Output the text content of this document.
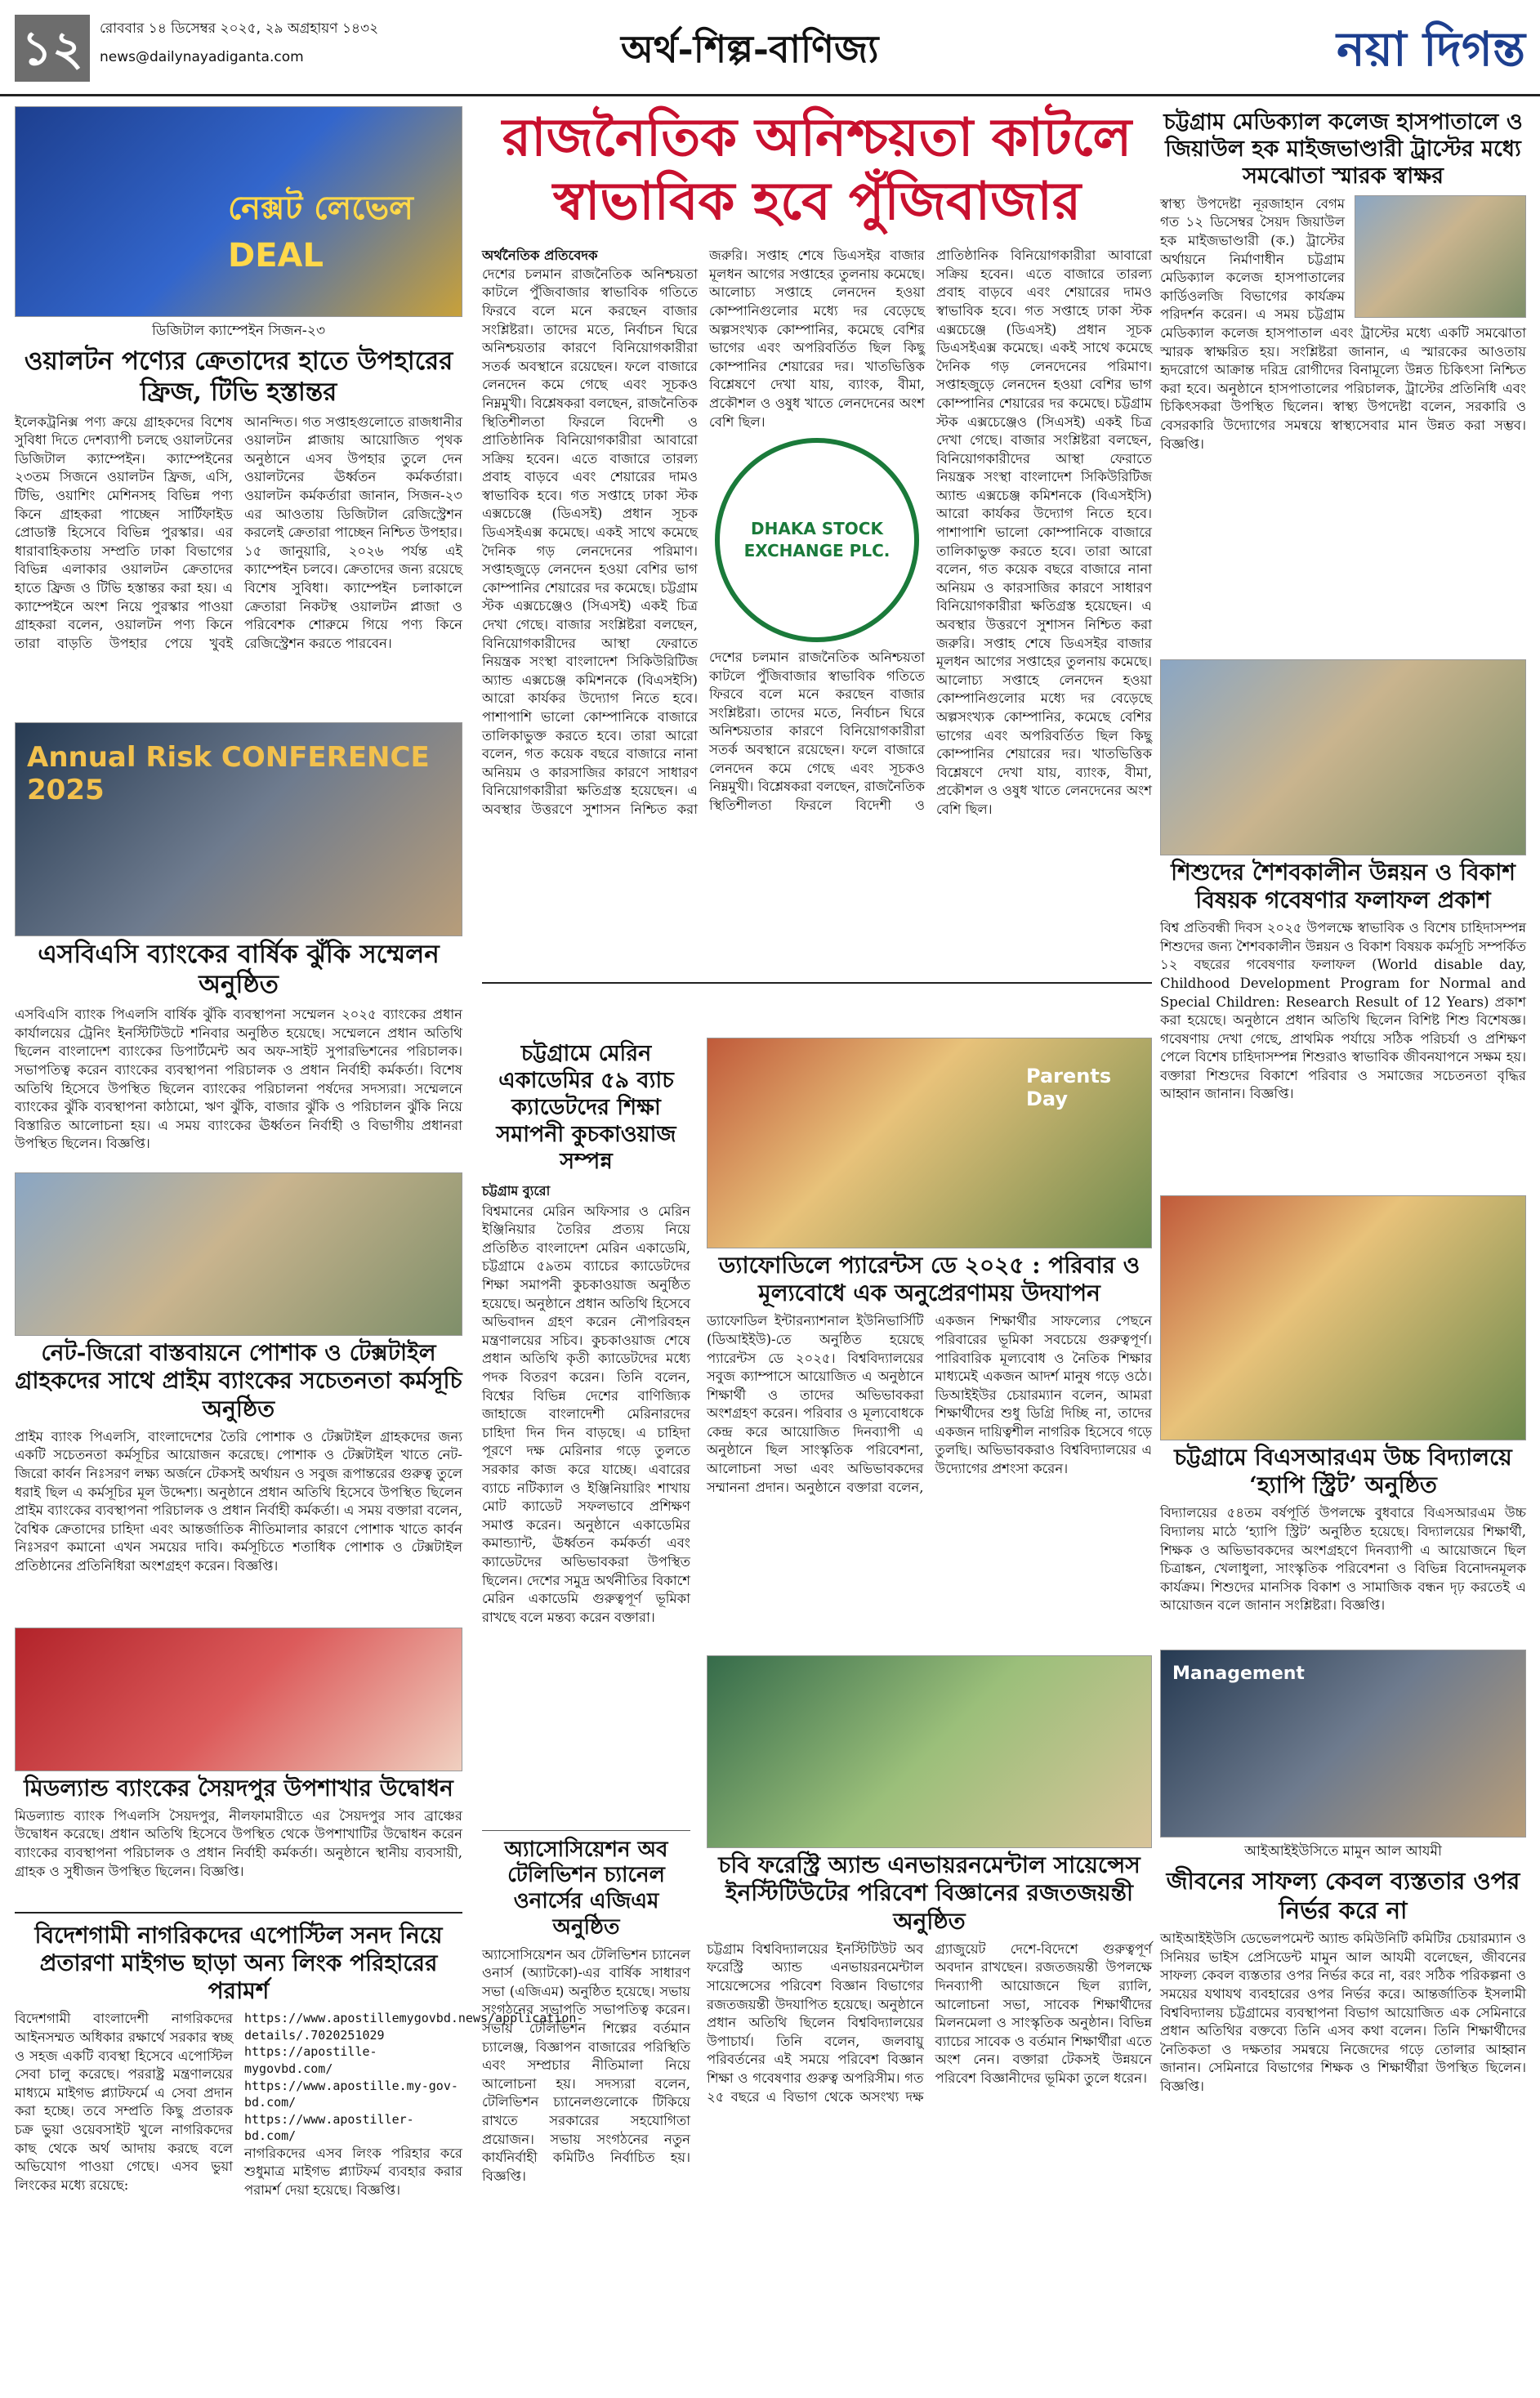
১২	রোববার ১৪ ডিসেম্বর ২০২৫, ২৯ অগ্রহায়ণ ১৪৩২
news@dailynayadiganta.com	অর্থ-শিল্প-বাণিজ্য	নয়া দিগন্ত
নেক্সট লেভেল DEAL
ডিজিটাল ক্যাম্পেইন সিজন-২৩
ওয়ালটন পণ্যের ক্রেতাদের হাতে উপহারের ফ্রিজ, টিভি হস্তান্তর
ইলেকট্রনিক্স পণ্য ক্রয়ে গ্রাহকদের বিশেষ সুবিধা দিতে দেশব্যাপী চলছে ওয়ালটনের ডিজিটাল ক্যাম্পেইন। ক্যাম্পেইনের ২৩তম সিজনে ওয়ালটন ফ্রিজ, এসি, টিভি, ওয়াশিং মেশিনসহ বিভিন্ন পণ্য কিনে গ্রাহকরা পাচ্ছেন সার্টিফাইড প্রোডাক্ট হিসেবে বিভিন্ন পুরস্কার। এর ধারাবাহিকতায় সম্প্রতি ঢাকা বিভাগের বিভিন্ন এলাকার ওয়ালটন ক্রেতাদের হাতে ফ্রিজ ও টিভি হস্তান্তর করা হয়। এ ক্যাম্পেইনে অংশ নিয়ে পুরস্কার পাওয়া গ্রাহকরা বলেন, ওয়ালটন পণ্য কিনে তারা বাড়তি উপহার পেয়ে খুবই আনন্দিত। গত সপ্তাহগুলোতে রাজধানীর ওয়ালটন প্লাজায় আয়োজিত পৃথক অনুষ্ঠানে এসব উপহার তুলে দেন ওয়ালটনের ঊর্ধ্বতন কর্মকর্তারা। ওয়ালটন কর্মকর্তারা জানান, সিজন-২৩ এর আওতায় ডিজিটাল রেজিস্ট্রেশন করলেই ক্রেতারা পাচ্ছেন নিশ্চিত উপহার। ১৫ জানুয়ারি, ২০২৬ পর্যন্ত এই ক্যাম্পেইন চলবে। ক্রেতাদের জন্য রয়েছে বিশেষ সুবিধা। ক্যাম্পেইন চলাকালে ক্রেতারা নিকটস্থ ওয়ালটন প্লাজা ও পরিবেশক শোরুমে গিয়ে পণ্য কিনে রেজিস্ট্রেশন করতে পারবেন।
Annual Risk CONFERENCE 2025
এসবিএসি ব্যাংকের বার্ষিক ঝুঁকি সম্মেলন অনুষ্ঠিত
এসবিএসি ব্যাংক পিএলসি বার্ষিক ঝুঁকি ব্যবস্থাপনা সম্মেলন ২০২৫ ব্যাংকের প্রধান কার্যালয়ের ট্রেনিং ইনস্টিটিউটে শনিবার অনুষ্ঠিত হয়েছে। সম্মেলনে প্রধান অতিথি ছিলেন বাংলাদেশ ব্যাংকের ডিপার্টমেন্ট অব অফ-সাইট সুপারভিশনের পরিচালক। সভাপতিত্ব করেন ব্যাংকের ব্যবস্থাপনা পরিচালক ও প্রধান নির্বাহী কর্মকর্তা। বিশেষ অতিথি হিসেবে উপস্থিত ছিলেন ব্যাংকের পরিচালনা পর্ষদের সদস্যরা। সম্মেলনে ব্যাংকের ঝুঁকি ব্যবস্থাপনা কাঠামো, ঋণ ঝুঁকি, বাজার ঝুঁকি ও পরিচালন ঝুঁকি নিয়ে বিস্তারিত আলোচনা হয়। এ সময় ব্যাংকের ঊর্ধ্বতন নির্বাহী ও বিভাগীয় প্রধানরা উপস্থিত ছিলেন। বিজ্ঞপ্তি।
নেট-জিরো বাস্তবায়নে পোশাক ও টেক্সটাইল গ্রাহকদের সাথে প্রাইম ব্যাংকের সচেতনতা কর্মসূচি অনুষ্ঠিত
প্রাইম ব্যাংক পিএলসি, বাংলাদেশের তৈরি পোশাক ও টেক্সটাইল গ্রাহকদের জন্য একটি সচেতনতা কর্মসূচির আয়োজন করেছে। পোশাক ও টেক্সটাইল খাতে নেট-জিরো কার্বন নিঃসরণ লক্ষ্য অর্জনে টেকসই অর্থায়ন ও সবুজ রূপান্তরের গুরুত্ব তুলে ধরাই ছিল এ কর্মসূচির মূল উদ্দেশ্য। অনুষ্ঠানে প্রধান অতিথি হিসেবে উপস্থিত ছিলেন প্রাইম ব্যাংকের ব্যবস্থাপনা পরিচালক ও প্রধান নির্বাহী কর্মকর্তা। এ সময় বক্তারা বলেন, বৈশ্বিক ক্রেতাদের চাহিদা এবং আন্তর্জাতিক নীতিমালার কারণে পোশাক খাতে কার্বন নিঃসরণ কমানো এখন সময়ের দাবি। কর্মসূচিতে শতাধিক পোশাক ও টেক্সটাইল প্রতিষ্ঠানের প্রতিনিধিরা অংশগ্রহণ করেন। বিজ্ঞপ্তি।
মিডল্যান্ড ব্যাংকের সৈয়দপুর উপশাখার উদ্বোধন
মিডল্যান্ড ব্যাংক পিএলসি সৈয়দপুর, নীলফামারীতে এর সৈয়দপুর সাব ব্রাঞ্চের উদ্বোধন করেছে। প্রধান অতিথি হিসেবে উপস্থিত থেকে উপশাখাটির উদ্বোধন করেন ব্যাংকের ব্যবস্থাপনা পরিচালক ও প্রধান নির্বাহী কর্মকর্তা। অনুষ্ঠানে স্থানীয় ব্যবসায়ী, গ্রাহক ও সুধীজন উপস্থিত ছিলেন। বিজ্ঞপ্তি।
বিদেশগামী নাগরিকদের এপোস্টিল সনদ নিয়ে প্রতারণা মাইগভ ছাড়া অন্য লিংক পরিহারের পরামর্শ
বিদেশগামী বাংলাদেশী নাগরিকদের আইনসম্মত অধিকার রক্ষার্থে সরকার স্বচ্ছ ও সহজ একটি ব্যবস্থা হিসেবে এপোস্টিল সেবা চালু করেছে। পররাষ্ট্র মন্ত্রণালয়ের মাধ্যমে মাইগভ প্ল্যাটফর্মে এ সেবা প্রদান করা হচ্ছে। তবে সম্প্রতি কিছু প্রতারক চক্র ভুয়া ওয়েবসাইট খুলে নাগরিকদের কাছ থেকে অর্থ আদায় করছে বলে অভিযোগ পাওয়া গেছে। এসব ভুয়া লিংকের মধ্যে রয়েছে:
https://www.apostillemygovbd.news/application-details/.7020251029
https://apostille-mygovbd.com/
https://www.apostille.my-gov-bd.com/
https://www.apostiller-bd.com/
নাগরিকদের এসব লিংক পরিহার করে শুধুমাত্র মাইগভ প্ল্যাটফর্ম ব্যবহার করার পরামর্শ দেয়া হয়েছে। বিজ্ঞপ্তি।
রাজনৈতিক অনিশ্চয়তা কাটলে
স্বাভাবিক হবে পুঁজিবাজার
অর্থনৈতিক প্রতিবেদক
দেশের চলমান রাজনৈতিক অনিশ্চয়তা কাটলে পুঁজিবাজার স্বাভাবিক গতিতে ফিরবে বলে মনে করছেন বাজার সংশ্লিষ্টরা। তাদের মতে, নির্বাচন ঘিরে অনিশ্চয়তার কারণে বিনিয়োগকারীরা সতর্ক অবস্থানে রয়েছেন। ফলে বাজারে লেনদেন কমে গেছে এবং সূচকও নিম্নমুখী। বিশ্লেষকরা বলছেন, রাজনৈতিক স্থিতিশীলতা ফিরলে বিদেশী ও প্রাতিষ্ঠানিক বিনিয়োগকারীরা আবারো সক্রিয় হবেন। এতে বাজারে তারল্য প্রবাহ বাড়বে এবং শেয়ারের দামও স্বাভাবিক হবে। গত সপ্তাহে ঢাকা স্টক এক্সচেঞ্জে (ডিএসই) প্রধান সূচক ডিএসইএক্স কমেছে। একই সাথে কমেছে দৈনিক গড় লেনদেনের পরিমাণ। সপ্তাহজুড়ে লেনদেন হওয়া বেশির ভাগ কোম্পানির শেয়ারের দর কমেছে। চট্টগ্রাম স্টক এক্সচেঞ্জেও (সিএসই) একই চিত্র দেখা গেছে। বাজার সংশ্লিষ্টরা বলছেন, বিনিয়োগকারীদের আস্থা ফেরাতে নিয়ন্ত্রক সংস্থা বাংলাদেশ সিকিউরিটিজ অ্যান্ড এক্সচেঞ্জ কমিশনকে (বিএসইসি) আরো কার্যকর উদ্যোগ নিতে হবে। পাশাপাশি ভালো কোম্পানিকে বাজারে তালিকাভুক্ত করতে হবে। তারা আরো বলেন, গত কয়েক বছরে বাজারে নানা অনিয়ম ও কারসাজির কারণে সাধারণ বিনিয়োগকারীরা ক্ষতিগ্রস্ত হয়েছেন। এ অবস্থার উত্তরণে সুশাসন নিশ্চিত করা জরুরি। সপ্তাহ শেষে ডিএসইর বাজার মূলধন আগের সপ্তাহের তুলনায় কমেছে। আলোচ্য সপ্তাহে লেনদেন হওয়া কোম্পানিগুলোর মধ্যে দর বেড়েছে অল্পসংখ্যক কোম্পানির, কমেছে বেশির ভাগের এবং অপরিবর্তিত ছিল কিছু কোম্পানির শেয়ারের দর। খাতভিত্তিক বিশ্লেষণে দেখা যায়, ব্যাংক, বীমা, প্রকৌশল ও ওষুধ খাতে লেনদেনের অংশ বেশি ছিল।
DHAKA STOCK EXCHANGE PLC.
দেশের চলমান রাজনৈতিক অনিশ্চয়তা কাটলে পুঁজিবাজার স্বাভাবিক গতিতে ফিরবে বলে মনে করছেন বাজার সংশ্লিষ্টরা। তাদের মতে, নির্বাচন ঘিরে অনিশ্চয়তার কারণে বিনিয়োগকারীরা সতর্ক অবস্থানে রয়েছেন। ফলে বাজারে লেনদেন কমে গেছে এবং সূচকও নিম্নমুখী। বিশ্লেষকরা বলছেন, রাজনৈতিক স্থিতিশীলতা ফিরলে বিদেশী ও প্রাতিষ্ঠানিক বিনিয়োগকারীরা আবারো সক্রিয় হবেন। এতে বাজারে তারল্য প্রবাহ বাড়বে এবং শেয়ারের দামও স্বাভাবিক হবে। গত সপ্তাহে ঢাকা স্টক এক্সচেঞ্জে (ডিএসই) প্রধান সূচক ডিএসইএক্স কমেছে। একই সাথে কমেছে দৈনিক গড় লেনদেনের পরিমাণ। সপ্তাহজুড়ে লেনদেন হওয়া বেশির ভাগ কোম্পানির শেয়ারের দর কমেছে। চট্টগ্রাম স্টক এক্সচেঞ্জেও (সিএসই) একই চিত্র দেখা গেছে। বাজার সংশ্লিষ্টরা বলছেন, বিনিয়োগকারীদের আস্থা ফেরাতে নিয়ন্ত্রক সংস্থা বাংলাদেশ সিকিউরিটিজ অ্যান্ড এক্সচেঞ্জ কমিশনকে (বিএসইসি) আরো কার্যকর উদ্যোগ নিতে হবে। পাশাপাশি ভালো কোম্পানিকে বাজারে তালিকাভুক্ত করতে হবে। তারা আরো বলেন, গত কয়েক বছরে বাজারে নানা অনিয়ম ও কারসাজির কারণে সাধারণ বিনিয়োগকারীরা ক্ষতিগ্রস্ত হয়েছেন। এ অবস্থার উত্তরণে সুশাসন নিশ্চিত করা জরুরি। সপ্তাহ শেষে ডিএসইর বাজার মূলধন আগের সপ্তাহের তুলনায় কমেছে। আলোচ্য সপ্তাহে লেনদেন হওয়া কোম্পানিগুলোর মধ্যে দর বেড়েছে অল্পসংখ্যক কোম্পানির, কমেছে বেশির ভাগের এবং অপরিবর্তিত ছিল কিছু কোম্পানির শেয়ারের দর। খাতভিত্তিক বিশ্লেষণে দেখা যায়, ব্যাংক, বীমা, প্রকৌশল ও ওষুধ খাতে লেনদেনের অংশ বেশি ছিল।
চট্টগ্রামে মেরিন একাডেমির ৫৯ ব্যাচ ক্যাডেটদের শিক্ষা সমাপনী কুচকাওয়াজ সম্পন্ন
চট্টগ্রাম ব্যুরো
বিশ্বমানের মেরিন অফিসার ও মেরিন ইঞ্জিনিয়ার তৈরির প্রত্যয় নিয়ে প্রতিষ্ঠিত বাংলাদেশ মেরিন একাডেমি, চট্টগ্রামে ৫৯তম ব্যাচের ক্যাডেটদের শিক্ষা সমাপনী কুচকাওয়াজ অনুষ্ঠিত হয়েছে। অনুষ্ঠানে প্রধান অতিথি হিসেবে অভিবাদন গ্রহণ করেন নৌপরিবহন মন্ত্রণালয়ের সচিব। কুচকাওয়াজ শেষে প্রধান অতিথি কৃতী ক্যাডেটদের মধ্যে পদক বিতরণ করেন। তিনি বলেন, বিশ্বের বিভিন্ন দেশের বাণিজ্যিক জাহাজে বাংলাদেশী মেরিনারদের চাহিদা দিন দিন বাড়ছে। এ চাহিদা পূরণে দক্ষ মেরিনার গড়ে তুলতে সরকার কাজ করে যাচ্ছে। এবারের ব্যাচে নটিক্যাল ও ইঞ্জিনিয়ারিং শাখায় মোট ক্যাডেট সফলভাবে প্রশিক্ষণ সমাপ্ত করেন। অনুষ্ঠানে একাডেমির কমান্ড্যান্ট, ঊর্ধ্বতন কর্মকর্তা এবং ক্যাডেটদের অভিভাবকরা উপস্থিত ছিলেন। দেশের সমুদ্র অর্থনীতির বিকাশে মেরিন একাডেমি গুরুত্বপূর্ণ ভূমিকা রাখছে বলে মন্তব্য করেন বক্তারা।
অ্যাসোসিয়েশন অব টেলিভিশন চ্যানেল ওনার্সের এজিএম অনুষ্ঠিত
অ্যাসোসিয়েশন অব টেলিভিশন চ্যানেল ওনার্স (অ্যাটকো)-এর বার্ষিক সাধারণ সভা (এজিএম) অনুষ্ঠিত হয়েছে। সভায় সংগঠনের সভাপতি সভাপতিত্ব করেন। সভায় টেলিভিশন শিল্পের বর্তমান চ্যালেঞ্জ, বিজ্ঞাপন বাজারের পরিস্থিতি এবং সম্প্রচার নীতিমালা নিয়ে আলোচনা হয়। সদস্যরা বলেন, টেলিভিশন চ্যানেলগুলোকে টিকিয়ে রাখতে সরকারের সহযোগিতা প্রয়োজন। সভায় সংগঠনের নতুন কার্যনির্বাহী কমিটিও নির্বাচিত হয়। বিজ্ঞপ্তি।
Parents Day
ড্যাফোডিলে প্যারেন্টস ডে ২০২৫ : পরিবার ও মূল্যবোধে এক অনুপ্রেরণাময় উদযাপন
ড্যাফোডিল ইন্টারন্যাশনাল ইউনিভার্সিটি (ডিআইইউ)-তে অনুষ্ঠিত হয়েছে প্যারেন্টস ডে ২০২৫। বিশ্ববিদ্যালয়ের সবুজ ক্যাম্পাসে আয়োজিত এ অনুষ্ঠানে শিক্ষার্থী ও তাদের অভিভাবকরা অংশগ্রহণ করেন। পরিবার ও মূল্যবোধকে কেন্দ্র করে আয়োজিত দিনব্যাপী এ অনুষ্ঠানে ছিল সাংস্কৃতিক পরিবেশনা, আলোচনা সভা এবং অভিভাবকদের সম্মাননা প্রদান। অনুষ্ঠানে বক্তারা বলেন, একজন শিক্ষার্থীর সাফল্যের পেছনে পরিবারের ভূমিকা সবচেয়ে গুরুত্বপূর্ণ। পারিবারিক মূল্যবোধ ও নৈতিক শিক্ষার মাধ্যমেই একজন আদর্শ মানুষ গড়ে ওঠে। ডিআইইউর চেয়ারম্যান বলেন, আমরা শিক্ষার্থীদের শুধু ডিগ্রি দিচ্ছি না, তাদের একজন দায়িত্বশীল নাগরিক হিসেবে গড়ে তুলছি। অভিভাবকরাও বিশ্ববিদ্যালয়ের এ উদ্যোগের প্রশংসা করেন।
চবি ফরেস্ট্রি অ্যান্ড এনভায়রনমেন্টাল সায়েন্সেস ইনস্টিটিউটের পরিবেশ বিজ্ঞানের রজতজয়ন্তী অনুষ্ঠিত
চট্টগ্রাম বিশ্ববিদ্যালয়ের ইনস্টিটিউট অব ফরেস্ট্রি অ্যান্ড এনভায়রনমেন্টাল সায়েন্সেসের পরিবেশ বিজ্ঞান বিভাগের রজতজয়ন্তী উদযাপিত হয়েছে। অনুষ্ঠানে প্রধান অতিথি ছিলেন বিশ্ববিদ্যালয়ের উপাচার্য। তিনি বলেন, জলবায়ু পরিবর্তনের এই সময়ে পরিবেশ বিজ্ঞান শিক্ষা ও গবেষণার গুরুত্ব অপরিসীম। গত ২৫ বছরে এ বিভাগ থেকে অসংখ্য দক্ষ গ্র্যাজুয়েট দেশে-বিদেশে গুরুত্বপূর্ণ অবদান রাখছেন। রজতজয়ন্তী উপলক্ষে দিনব্যাপী আয়োজনে ছিল র‌্যালি, আলোচনা সভা, সাবেক শিক্ষার্থীদের মিলনমেলা ও সাংস্কৃতিক অনুষ্ঠান। বিভিন্ন ব্যাচের সাবেক ও বর্তমান শিক্ষার্থীরা এতে অংশ নেন। বক্তারা টেকসই উন্নয়নে পরিবেশ বিজ্ঞানীদের ভূমিকা তুলে ধরেন।
চট্টগ্রাম মেডিক্যাল কলেজ হাসপাতালে ও জিয়াউল হক মাইজভাণ্ডারী ট্রাস্টের মধ্যে সমঝোতা স্মারক স্বাক্ষর
স্বাস্থ্য উপদেষ্টা নূরজাহান বেগম গত ১২ ডিসেম্বর সৈয়দ জিয়াউল হক মাইজভাণ্ডারী (ক.) ট্রাস্টের অর্থায়নে নির্মাণাধীন চট্টগ্রাম মেডিক্যাল কলেজ হাসপাতালের কার্ডিওলজি বিভাগের কার্যক্রম পরিদর্শন করেন। এ সময় চট্টগ্রাম মেডিক্যাল কলেজ হাসপাতাল এবং ট্রাস্টের মধ্যে একটি সমঝোতা স্মারক স্বাক্ষরিত হয়। সংশ্লিষ্টরা জানান, এ স্মারকের আওতায় হৃদরোগে আক্রান্ত দরিদ্র রোগীদের বিনামূল্যে উন্নত চিকিৎসা নিশ্চিত করা হবে। অনুষ্ঠানে হাসপাতালের পরিচালক, ট্রাস্টের প্রতিনিধি এবং চিকিৎসকরা উপস্থিত ছিলেন। স্বাস্থ্য উপদেষ্টা বলেন, সরকারি ও বেসরকারি উদ্যোগের সমন্বয়ে স্বাস্থ্যসেবার মান উন্নত করা সম্ভব। বিজ্ঞপ্তি।
শিশুদের শৈশবকালীন উন্নয়ন ও বিকাশ বিষয়ক গবেষণার ফলাফল প্রকাশ
বিশ্ব প্রতিবন্ধী দিবস ২০২৫ উপলক্ষে স্বাভাবিক ও বিশেষ চাহিদাসম্পন্ন শিশুদের জন্য শৈশবকালীন উন্নয়ন ও বিকাশ বিষয়ক কর্মসূচি সম্পর্কিত ১২ বছরের গবেষণার ফলাফল (World disable day, Childhood Development Program for Normal and Special Children: Research Result of 12 Years) প্রকাশ করা হয়েছে। অনুষ্ঠানে প্রধান অতিথি ছিলেন বিশিষ্ট শিশু বিশেষজ্ঞ। গবেষণায় দেখা গেছে, প্রাথমিক পর্যায়ে সঠিক পরিচর্যা ও প্রশিক্ষণ পেলে বিশেষ চাহিদাসম্পন্ন শিশুরাও স্বাভাবিক জীবনযাপনে সক্ষম হয়। বক্তারা শিশুদের বিকাশে পরিবার ও সমাজের সচেতনতা বৃদ্ধির আহ্বান জানান। বিজ্ঞপ্তি।
চট্টগ্রামে বিএসআরএম উচ্চ বিদ্যালয়ে ‘হ্যাপি স্ট্রিট’ অনুষ্ঠিত
বিদ্যালয়ের ৫৪তম বর্ষপূর্তি উপলক্ষে বুধবারে বিএসআরএম উচ্চ বিদ্যালয় মাঠে ‘হ্যাপি স্ট্রিট’ অনুষ্ঠিত হয়েছে। বিদ্যালয়ের শিক্ষার্থী, শিক্ষক ও অভিভাবকদের অংশগ্রহণে দিনব্যাপী এ আয়োজনে ছিল চিত্রাঙ্কন, খেলাধুলা, সাংস্কৃতিক পরিবেশনা ও বিভিন্ন বিনোদনমূলক কার্যক্রম। শিশুদের মানসিক বিকাশ ও সামাজিক বন্ধন দৃঢ় করতেই এ আয়োজন বলে জানান সংশ্লিষ্টরা। বিজ্ঞপ্তি।
Management
আইআইইউসিতে মামুন আল আযমী
জীবনের সাফল্য কেবল ব্যস্ততার ওপর নির্ভর করে না
আইআইইউসি ডেভেলপমেন্ট অ্যান্ড কমিউনিটি কমিটির চেয়ারম্যান ও সিনিয়র ভাইস প্রেসিডেন্ট মামুন আল আযমী বলেছেন, জীবনের সাফল্য কেবল ব্যস্ততার ওপর নির্ভর করে না, বরং সঠিক পরিকল্পনা ও সময়ের যথাযথ ব্যবহারের ওপর নির্ভর করে। আন্তর্জাতিক ইসলামী বিশ্ববিদ্যালয় চট্টগ্রামের ব্যবস্থাপনা বিভাগ আয়োজিত এক সেমিনারে প্রধান অতিথির বক্তব্যে তিনি এসব কথা বলেন। তিনি শিক্ষার্থীদের নৈতিকতা ও দক্ষতার সমন্বয়ে নিজেদের গড়ে তোলার আহ্বান জানান। সেমিনারে বিভাগের শিক্ষক ও শিক্ষার্থীরা উপস্থিত ছিলেন। বিজ্ঞপ্তি।
